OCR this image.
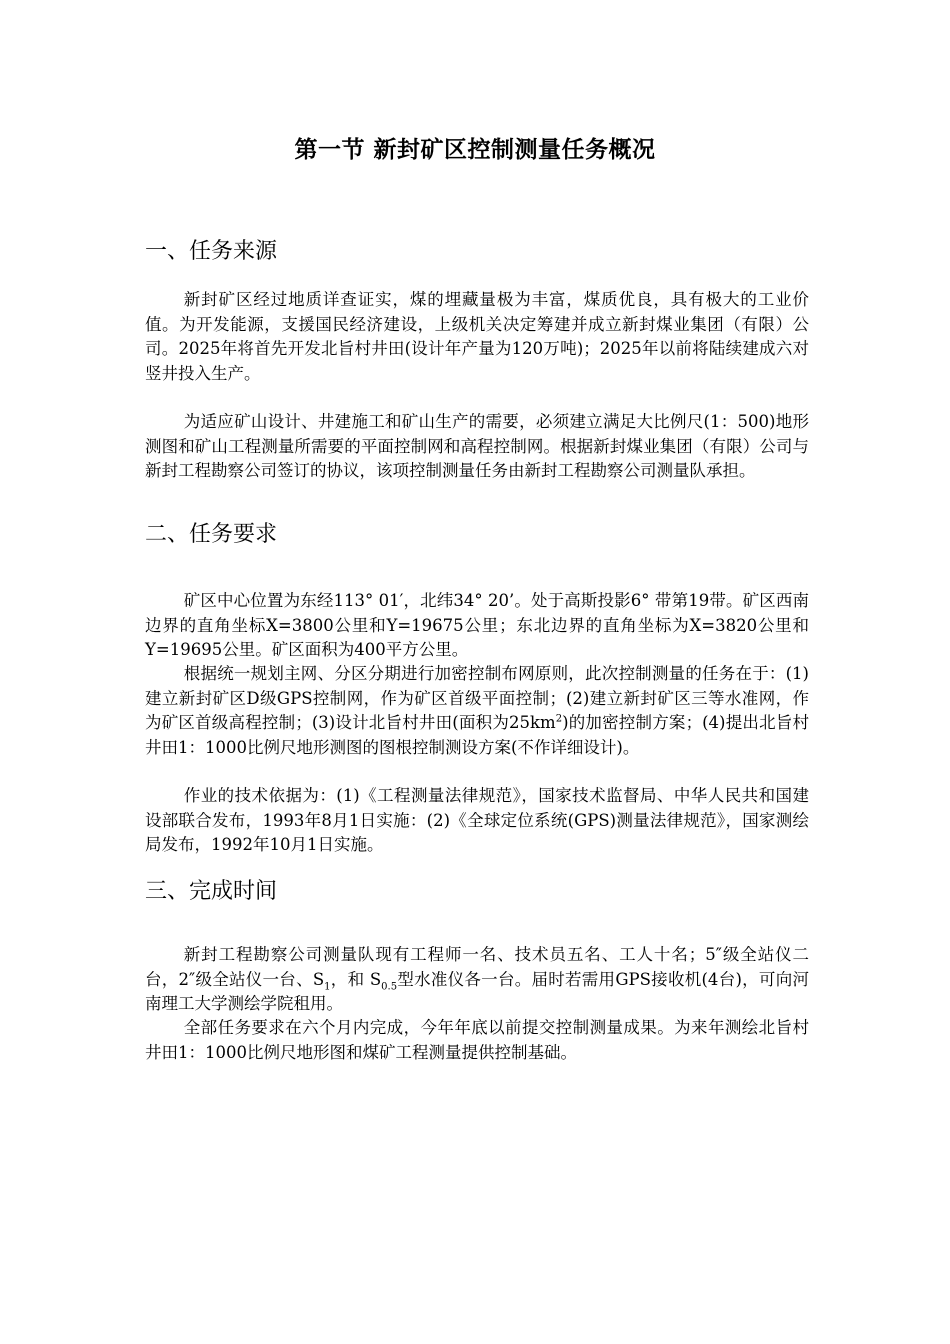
第一节 新封矿区控制测量任务概况
一、任务来源

新封矿区经过地质详查证实，煤的埋藏量极为丰富，煤质优良，具有极大的工业价值。为开发能源，支援国民经济建设，上级机关决定筹建并成立新封煤业集团（有限）公司。2025年将首先开发北旨村井田(设计年产量为120万吨)；2025年以前将陆续建成六对竖井投入生产。

为适应矿山设计、井建施工和矿山生产的需要，必须建立满足大比例尺(1：500)地形测图和矿山工程测量所需要的平面控制网和高程控制网。根据新封煤业集团（有限）公司与新封工程勘察公司签订的协议，该项控制测量任务由新封工程勘察公司测量队承担。

二、任务要求

矿区中心位置为东经113° 01′，北纬34° 20’。处于高斯投影6° 带第19带。矿区西南边界的直角坐标X=3800公里和Y=19675公里；东北边界的直角坐标为X=3820公里和Y=19695公里。矿区面积为400平方公里。

根据统一规划主网、分区分期进行加密控制布网原则，此次控制测量的任务在于：(1)建立新封矿区D级GPS控制网，作为矿区首级平面控制；(2)建立新封矿区三等水准网，作为矿区首级高程控制；(3)设计北旨村井田(面积为$25km^2$)的加密控制方案；(4)提出北旨村井田1：1000比例尺地形测图的图根控制测设方案(不作详细设计)。

作业的技术依据为：(1)《工程测量法律规范》，国家技术监督局、中华人民共和国建设部联合发布，1993年8月1日实施：(2)《全球定位系统(GPS)测量法律规范》，国家测绘局发布，1992年10月1日实施。

三、完成时间

新封工程勘察公司测量队现有工程师一名、技术员五名、工人十名；5″级全站仪二台，2″级全站仪一台、$S_1$，和 $S_{0.5}$型水准仪各一台。届时若需用GPS接收机(4台)，可向河南理工大学测绘学院租用。

全部任务要求在六个月内完成，今年年底以前提交控制测量成果。为来年测绘北旨村井田1：1000比例尺地形图和煤矿工程测量提供控制基础。
